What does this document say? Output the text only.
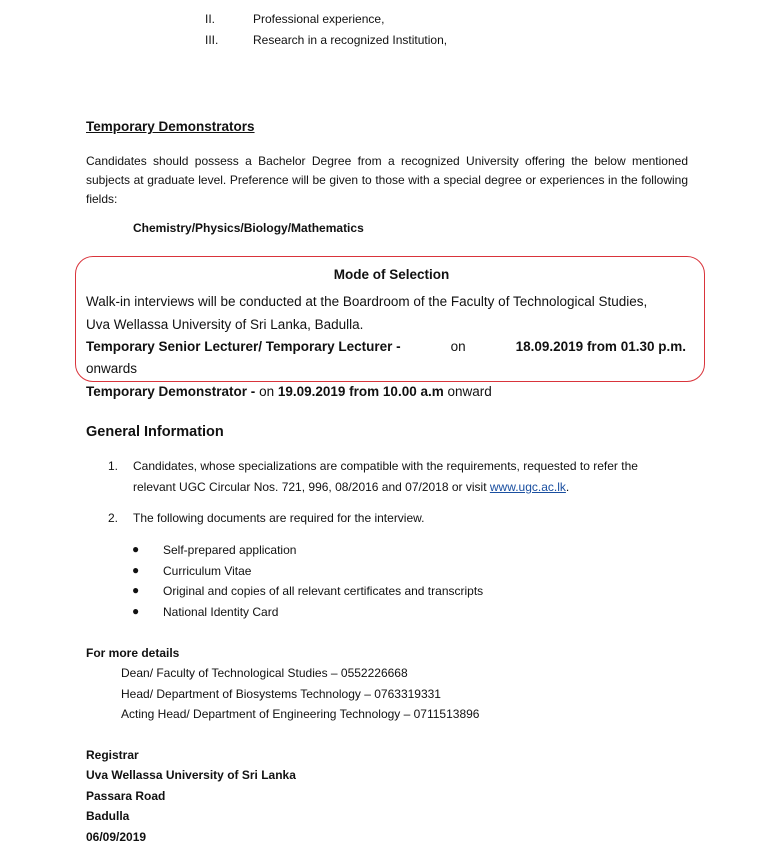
II.	Professional experience,
III.	Research in a recognized Institution,
Temporary Demonstrators
Candidates should possess a Bachelor Degree from a recognized University offering the below mentioned subjects at graduate level. Preference will be given to those with a special degree or experiences in the following fields:
Chemistry/Physics/Biology/Mathematics
Mode of Selection
Walk-in interviews will be conducted at the Boardroom of the Faculty of Technological Studies,
Uva Wellassa University of Sri Lanka, Badulla.
Temporary Senior Lecturer/ Temporary Lecturer -	on	18.09.2019 from 01.30 p.m.
onwards
Temporary Demonstrator - on 19.09.2019 from 10.00 a.m onward
General Information
1. Candidates, whose specializations are compatible with the requirements, requested to refer the
relevant UGC Circular Nos. 721, 996, 08/2016 and 07/2018 or visit www.ugc.ac.lk.
2. The following documents are required for the interview.
● Self-prepared application
● Curriculum Vitae
● Original and copies of all relevant certificates and transcripts
● National Identity Card
For more details
Dean/ Faculty of Technological Studies – 0552226668
Head/ Department of Biosystems Technology – 0763319331
Acting Head/ Department of Engineering Technology – 0711513896
Registrar
Uva Wellassa University of Sri Lanka
Passara Road
Badulla
06/09/2019
